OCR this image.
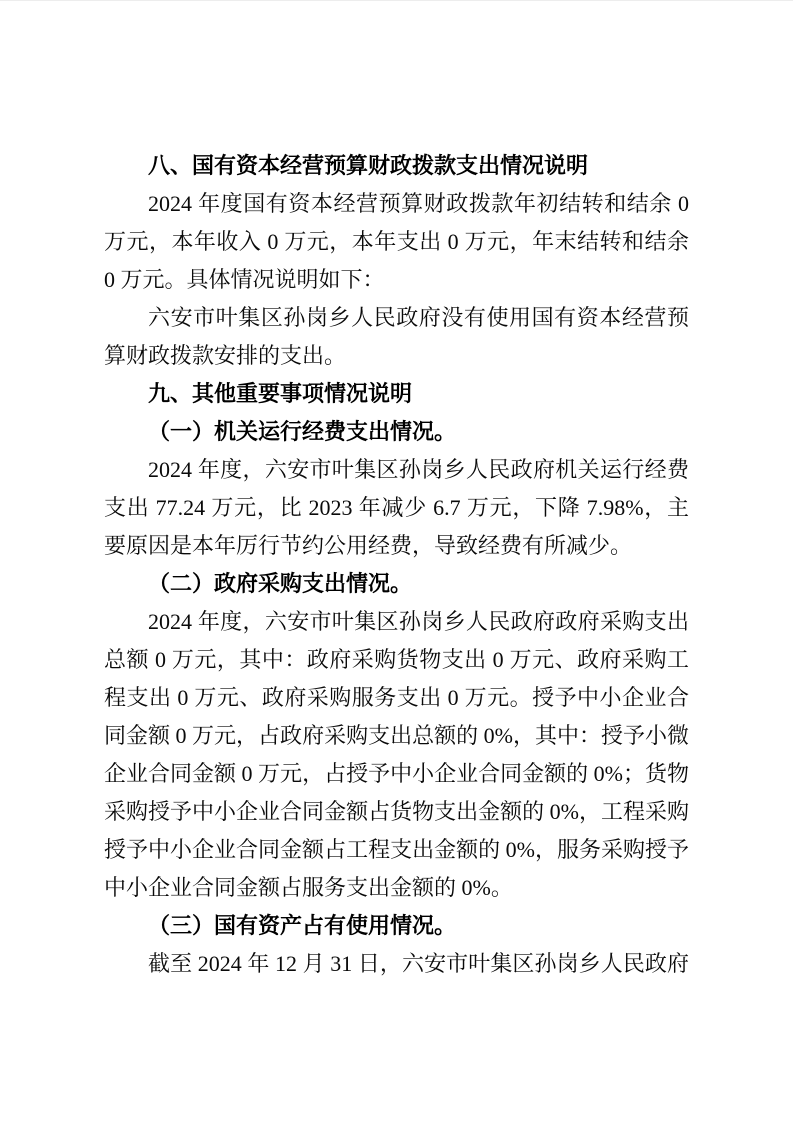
八、国有资本经营预算财政拨款支出情况说明

2024 年度国有资本经营预算财政拨款年初结转和结余 0 万元，本年收入 0 万元，本年支出 0 万元，年末结转和结余 0 万元。具体情况说明如下：

六安市叶集区孙岗乡人民政府没有使用国有资本经营预算财政拨款安排的支出。

九、其他重要事项情况说明
（一）机关运行经费支出情况。

2024 年度，六安市叶集区孙岗乡人民政府机关运行经费支出 77.24 万元，比 2023 年减少 6.7 万元，下降 7.98%，主要原因是本年厉行节约公用经费，导致经费有所减少。

（二）政府采购支出情况。

2024 年度，六安市叶集区孙岗乡人民政府政府采购支出总额 0 万元，其中：政府采购货物支出 0 万元、政府采购工程支出 0 万元、政府采购服务支出 0 万元。授予中小企业合同金额 0 万元，占政府采购支出总额的 0%，其中：授予小微企业合同金额 0 万元，占授予中小企业合同金额的 0%；货物采购授予中小企业合同金额占货物支出金额的 0%，工程采购授予中小企业合同金额占工程支出金额的 0%，服务采购授予中小企业合同金额占服务支出金额的 0%。

（三）国有资产占有使用情况。

截至 2024 年 12 月 31 日，六安市叶集区孙岗乡人民政府
